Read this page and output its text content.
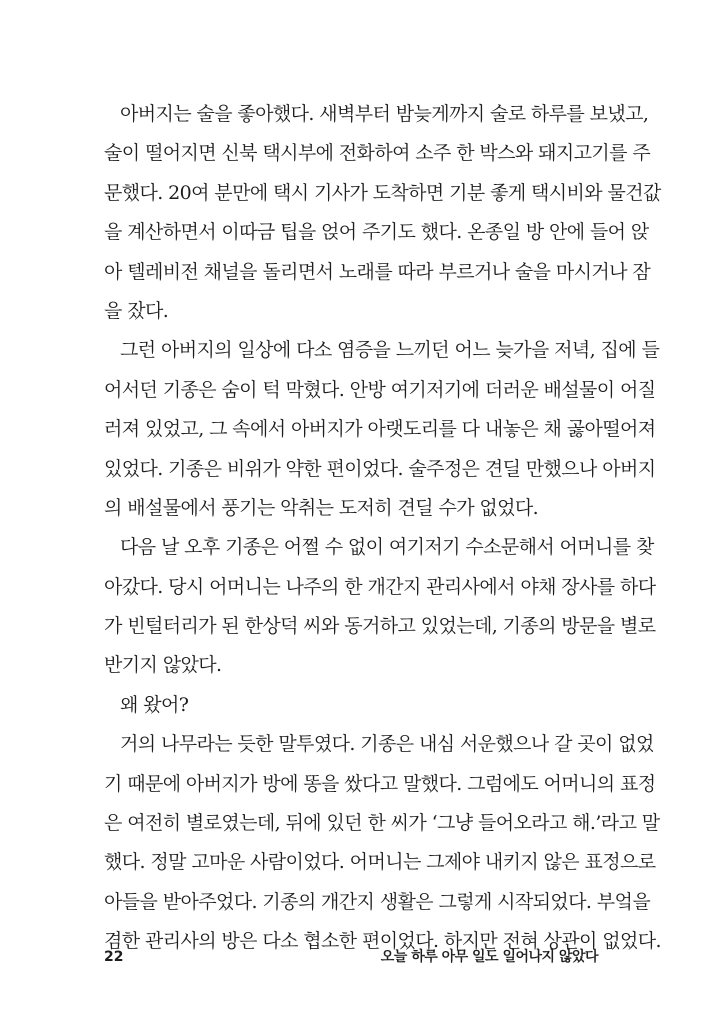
아버지는 술을 좋아했다. 새벽부터 밤늦게까지 술로 하루를 보냈고,
술이 떨어지면 신북 택시부에 전화하여 소주 한 박스와 돼지고기를 주
문했다. 20여 분만에 택시 기사가 도착하면 기분 좋게 택시비와 물건값
을 계산하면서 이따금 팁을 얹어 주기도 했다. 온종일 방 안에 들어 앉
아 텔레비전 채널을 돌리면서 노래를 따라 부르거나 술을 마시거나 잠
을 잤다.
그런 아버지의 일상에 다소 염증을 느끼던 어느 늦가을 저녁, 집에 들
어서던 기종은 숨이 턱 막혔다. 안방 여기저기에 더러운 배설물이 어질
러져 있었고, 그 속에서 아버지가 아랫도리를 다 내놓은 채 곯아떨어져
있었다. 기종은 비위가 약한 편이었다. 술주정은 견딜 만했으나 아버지
의 배설물에서 풍기는 악취는 도저히 견딜 수가 없었다.
다음 날 오후 기종은 어쩔 수 없이 여기저기 수소문해서 어머니를 찾
아갔다. 당시 어머니는 나주의 한 개간지 관리사에서 야채 장사를 하다
가 빈털터리가 된 한상덕 씨와 동거하고 있었는데, 기종의 방문을 별로
반기지 않았다.
왜 왔어?
거의 나무라는 듯한 말투였다. 기종은 내심 서운했으나 갈 곳이 없었
기 때문에 아버지가 방에 똥을 쌌다고 말했다. 그럼에도 어머니의 표정
은 여전히 별로였는데, 뒤에 있던 한 씨가 ‘그냥 들어오라고 해.’라고 말
했다. 정말 고마운 사람이었다. 어머니는 그제야 내키지 않은 표정으로
아들을 받아주었다. 기종의 개간지 생활은 그렇게 시작되었다. 부엌을
겸한 관리사의 방은 다소 협소한 편이었다. 하지만 전혀 상관이 없었다.
22	오늘 하루 아무 일도 일어나지 않았다
